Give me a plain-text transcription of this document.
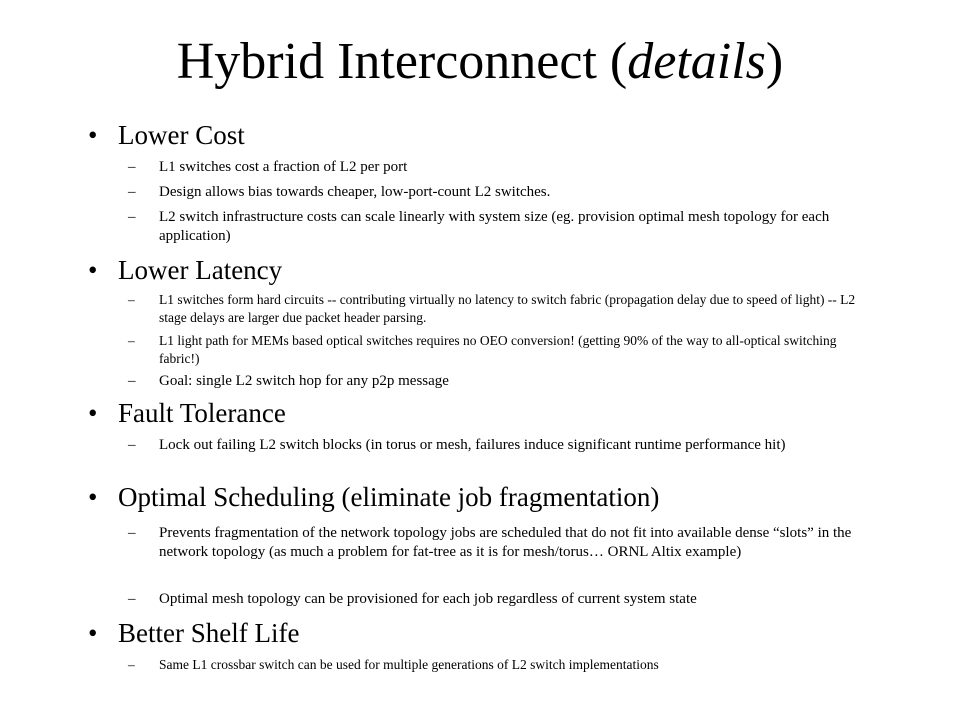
Hybrid Interconnect (details)
• Lower Cost
– L1 switches cost a fraction of L2 per port
– Design allows bias towards cheaper, low-port-count L2 switches.
– L2 switch infrastructure costs can scale linearly with system size (eg. provision optimal mesh topology for each application)
• Lower Latency
– L1 switches form hard circuits -- contributing virtually no latency to switch fabric (propagation delay due to speed of light) -- L2 stage delays are larger due packet header parsing.
– L1 light path for MEMs based optical switches requires no OEO conversion! (getting 90% of the way to all-optical switching fabric!)
– Goal: single L2 switch hop for any p2p message
• Fault Tolerance
– Lock out failing L2 switch blocks (in torus or mesh, failures induce significant runtime performance hit)
• Optimal Scheduling (eliminate job fragmentation)
– Prevents fragmentation of the network topology jobs are scheduled that do not fit into available dense “slots” in the network topology (as much a problem for fat-tree as it is for mesh/torus… ORNL Altix example)
– Optimal mesh topology can be provisioned for each job regardless of current system state
• Better Shelf Life
– Same L1 crossbar switch can be used for multiple generations of L2 switch implementations
